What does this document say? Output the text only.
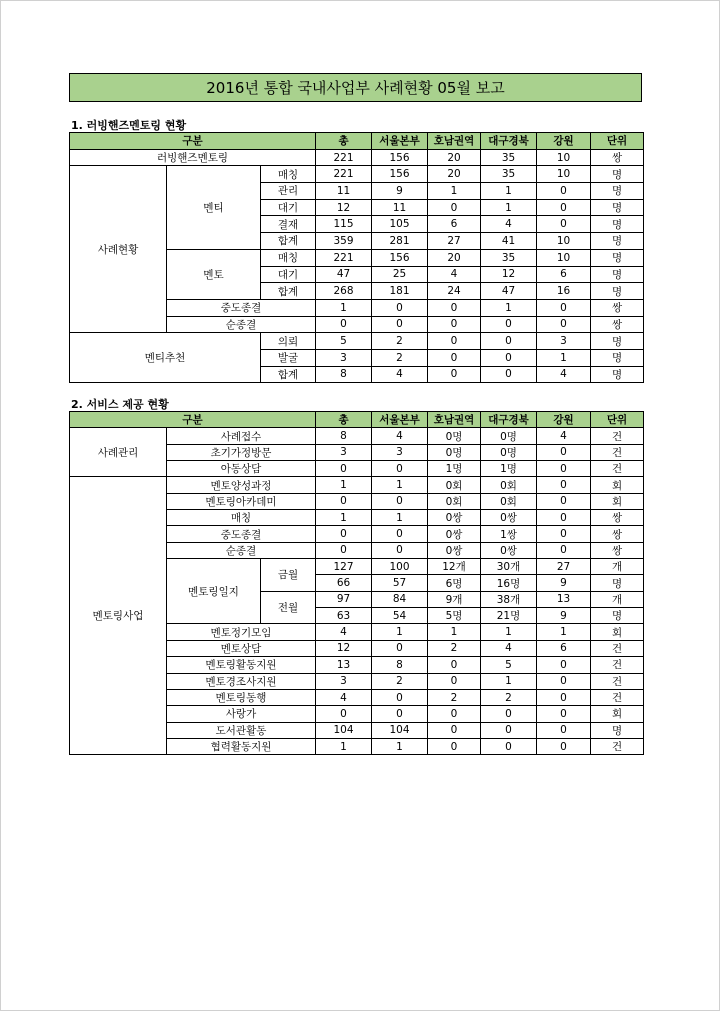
2016년 통합 국내사업부 사례현황 05월 보고
1. 러빙핸즈멘토링 현황
구분			총	서울본부	호남권역	대구경북	강원	단위
러빙핸즈멘토링			221	156	20	35	10	쌍
사례현황	멘티	매칭	221	156	20	35	10	명
		관리	11	9	1	1	0	명
		대기	12	11	0	1	0	명
		결재	115	105	6	4	0	명
		합계	359	281	27	41	10	명
	멘토	매칭	221	156	20	35	10	명
		대기	47	25	4	12	6	명
		합계	268	181	24	47	16	명
	중도종결		1	0	0	1	0	쌍
	순종결		0	0	0	0	0	쌍
멘티추천		의뢰	5	2	0	0	3	명
		발굴	3	2	0	0	1	명
		합계	8	4	0	0	4	명
2. 서비스 제공 현황
구분			총	서울본부	호남권역	대구경북	강원	단위
사례관리	사례접수		8	4	0명	0명	4	건
	초기가정방문		3	3	0명	0명	0	건
	아동상담		0	0	1명	1명	0	건
멘토링사업	멘토양성과정		1	1	0회	0회	0	회
	멘토링아카데미		0	0	0회	0회	0	회
	매칭		1	1	0쌍	0쌍	0	쌍
	중도종결		0	0	0쌍	1쌍	0	쌍
	순종결		0	0	0쌍	0쌍	0	쌍
	멘토링일지	금월	127	100	12개	30개	27	개
			66	57	6명	16명	9	명
		전월	97	84	9개	38개	13	개
			63	54	5명	21명	9	명
	멘토정기모임		4	1	1	1	1	회
	멘토상담		12	0	2	4	6	건
	멘토링활동지원		13	8	0	5	0	건
	멘토경조사지원		3	2	0	1	0	건
	멘토링동행		4	0	2	2	0	건
	사랑가		0	0	0	0	0	회
	도서관활동		104	104	0	0	0	명
	협력활동지원		1	1	0	0	0	건
